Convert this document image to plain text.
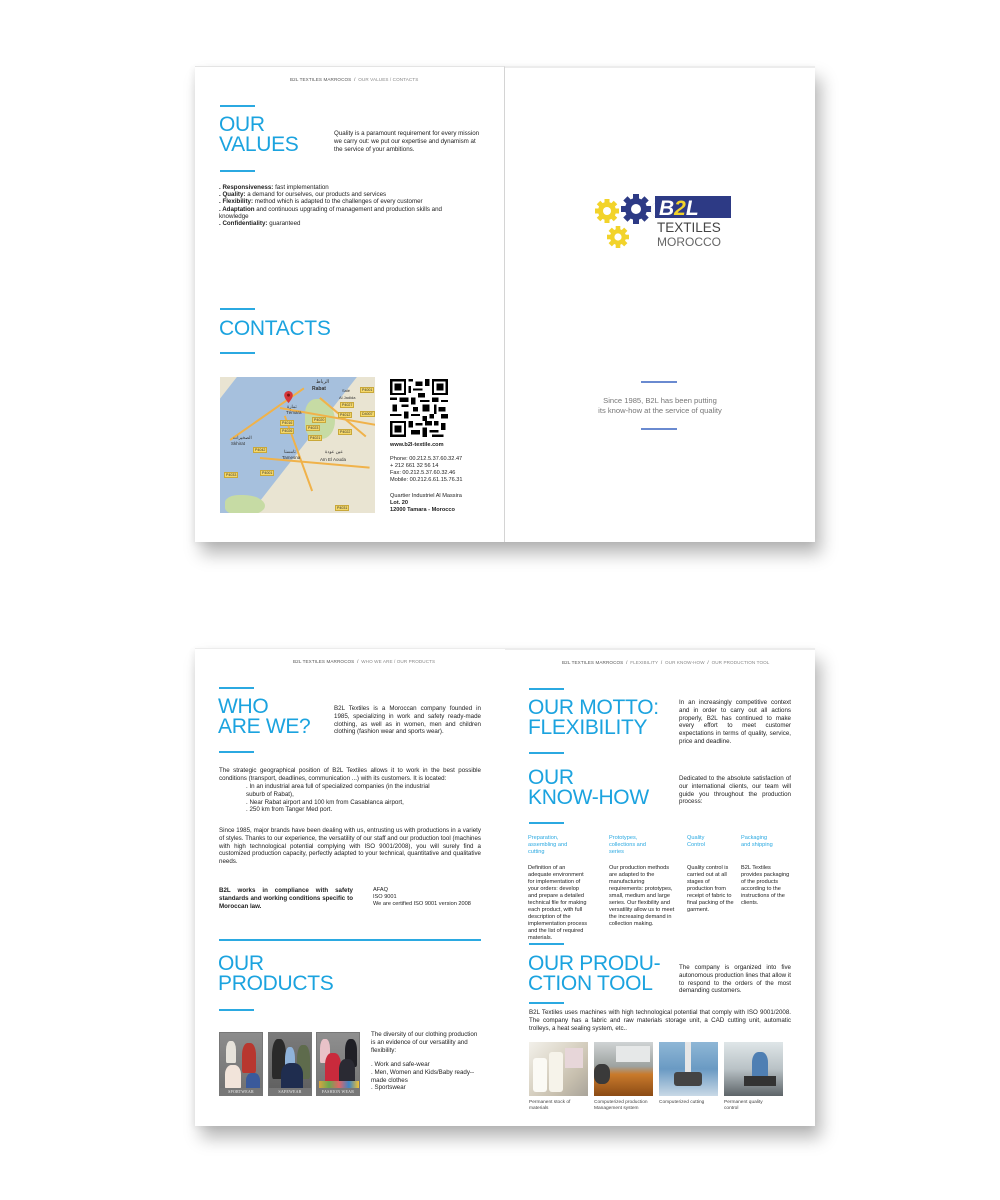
B2L TEXTILES MARROCOS / OUR VALUES / CONTACTS
OUR
VALUES	Quality is a paramount requirement for every mission we carry out: we put our expertise and dynamism at the service of your ambitions.
. Responsiveness: fast implementation
. Quality: a demand for ourselves, our products and services
. Flexibility: method which is adapted to the challenges of every customer
. Adaptation and continuous upgrading of management and production skills and knowledge
. Confidentiality: guaranteed
CONTACTS
الرباط
Rabat	Salé
Al Jadida
تمارة
Témara
الصخيرات
Skhirat
تامسنا
Tamesna
عين عودة
Aïn El Aouda
P4001
P4027
P4012	D4007
P4020
P4016
P4023
P4026	P4022
P4021
P4042
P4001
P4033
P4031
www.b2l-textile.com
Phone: 00.212.5.37.60.32.47
+ 212 661 32 56 14
Fax: 00.212.5.37.60.32.46
Mobile: 00.212.6.61.15.76.31
Quartier Industriel Al Massira
Lot. 20
12000 Tamara - Morocco
B2L
TEXTILES
MOROCCO
Since 1985, B2L has been putting
its know-how at the service of quality
B2L TEXTILES MARROCOS / WHO WE ARE / OUR PRODUCTS
WHO
ARE WE?
B2L Textiles is a Moroccan company founded in 1985, specializing in work and safety ready-made clothing, as well as in women, men and children clothing (fashion wear and sports wear).
The strategic geographical position of B2L Textiles allows it to work in the best possible conditions (transport, deadlines, communication ...) with its customers. It is located:
. In an industrial area full of specialized companies (in the industrial suburb of Rabat),
. Near Rabat airport and 100 km from Casablanca airport,
. 250 km from Tanger Med port.
Since 1985, major brands have been dealing with us, entrusting us with productions in a variety of styles. Thanks to our experience, the versatility of our staff and our production tool (machines with high technological potential complying with ISO 9001/2008), you will surely find a customized production capacity, perfectly adapted to your technical, quantitative and qualitative needs.
B2L works in compliance with safety standards and working conditions specific to Moroccan law.
AFAQ
ISO 9001
We are certified ISO 9001 version 2008
OUR
PRODUCTS
SPORTWEAR	SAFEWEAR	FASHION WEAR
The diversity of our clothing production is an evidence of our versatility and flexibility:
. Work and safe-wear
. Men, Women and Kids/Baby ready--made clothes
. Sportswear
B2L TEXTILES MARROCOS / FLEXIBILITY / OUR KNOW-HOW / OUR PRODUCTION TOOL
OUR MOTTO:
FLEXIBILITY
In an increasingly competitive context and in order to carry out all actions properly, B2L has continued to make every effort to meet customer expectations in terms of quality, service, price and deadline.
OUR
KNOW-HOW
Dedicated to the absolute satisfaction of our international clients, our team will guide you throughout the production process:
Preparation, assembling and cutting
Definition of an adequate environment for implementation of your orders: develop and prepare a detailed technical file for making each product, with full description of the implementation process and the list of required materials.
Prototypes, collections and series
Our production methods are adapted to the manufacturing requirements: prototypes, small, medium and large series. Our flexibility and versatility allow us to meet the increasing demand in collection making.
Quality Control
Quality control is carried out at all stages of production from receipt of fabric to final packing of the garment.
Packaging and shipping
B2L Textiles provides packaging of the products according to the instructions of the clients.
OUR PRODU-
CTION TOOL
The company is organized into five autonomous production lines that allow it to respond to the orders of the most demanding customers.
B2L Textiles uses machines with high technological potential that comply with ISO 9001/2008. The company has a fabric and raw materials storage unit, a CAD cutting unit, automatic trolleys, a heat sealing system, etc..
Permanent stock of materials
Computerized production Management system
Computerized cutting	Permanent quality control
